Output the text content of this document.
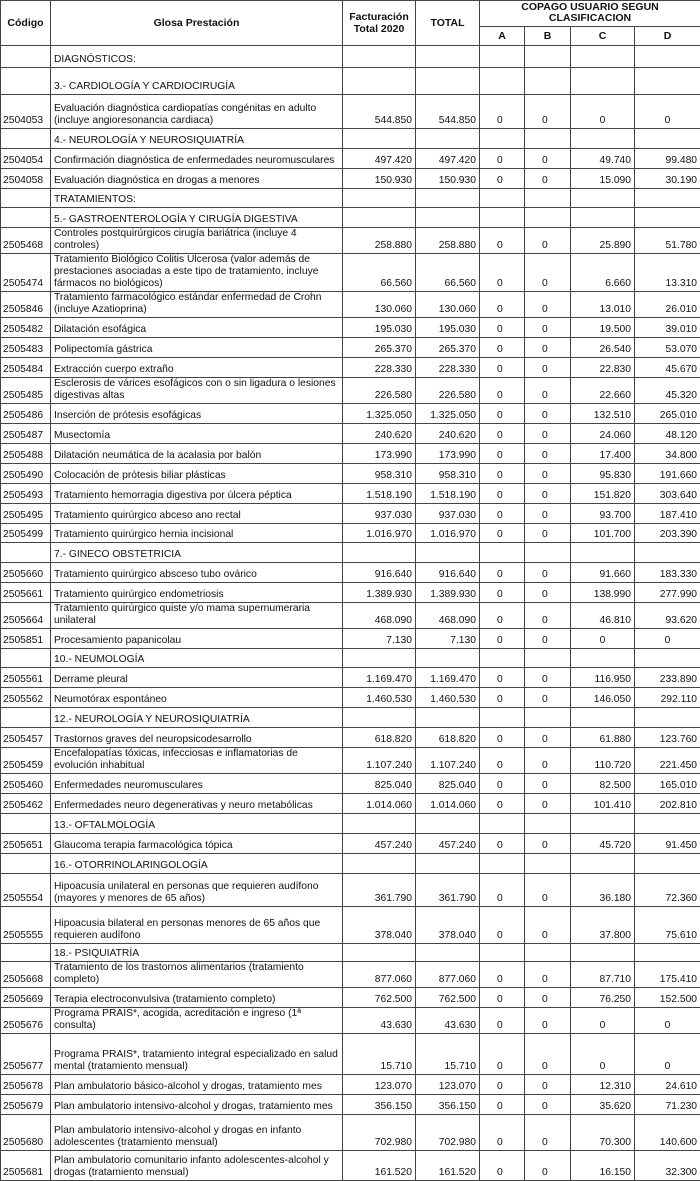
Código	Glosa Prestación	Facturación Total 2020	TOTAL	COPAGO USUARIO SEGUN CLASIFICACION			
				A	B	C	D
	DIAGNÓSTICOS:						
	3.- CARDIOLOGÍA Y CARDIOCIRUGÍA						
2504053	Evaluación diagnóstica cardiopatías congénitas en adulto (incluye angioresonancia cardiaca)	544.850	544.850	0	0	0	0
	4.- NEUROLOGÍA Y NEUROSIQUIATRÍA						
2504054	Confirmación diagnóstica de enfermedades neuromusculares	497.420	497.420	0	0	49.740	99.480
2504058	Evaluación diagnóstica en drogas a menores	150.930	150.930	0	0	15.090	30.190
	TRATAMIENTOS:						
	5.- GASTROENTEROLOGÍA Y CIRUGÍA DIGESTIVA						
2505468	Controles postquirúrgicos cirugía bariátrica (incluye 4 controles)	258.880	258.880	0	0	25.890	51.780
2505474	Tratamiento Biológico Colitis Ulcerosa (valor además de prestaciones asociadas a este tipo de tratamiento, incluye fármacos no biológicos)	66.560	66.560	0	0	6.660	13.310
2505846	Tratamiento farmacológico estándar enfermedad de Crohn (incluye Azatioprina)	130.060	130.060	0	0	13.010	26.010
2505482	Dilatación esofágica	195.030	195.030	0	0	19.500	39.010
2505483	Polipectomía gástrica	265.370	265.370	0	0	26.540	53.070
2505484	Extracción cuerpo extraño	228.330	228.330	0	0	22.830	45.670
2505485	Esclerosis de várices esofágicos con o sin ligadura o lesiones digestivas altas	226.580	226.580	0	0	22.660	45.320
2505486	Inserción de prótesis esofágicas	1.325.050	1.325.050	0	0	132.510	265.010
2505487	Musectomía	240.620	240.620	0	0	24.060	48.120
2505488	Dilatación neumática de la acalasia por balón	173.990	173.990	0	0	17.400	34.800
2505490	Colocación de prótesis biliar plásticas	958.310	958.310	0	0	95.830	191.660
2505493	Tratamiento hemorragia digestiva por úlcera péptica	1.518.190	1.518.190	0	0	151.820	303.640
2505495	Tratamiento quirúrgico abceso ano rectal	937.030	937.030	0	0	93.700	187.410
2505499	Tratamiento quirúrgico hernia incisional	1.016.970	1.016.970	0	0	101.700	203.390
	7.- GINECO OBSTETRICIA						
2505660	Tratamiento quirúrgico absceso tubo ovárico	916.640	916.640	0	0	91.660	183.330
2505661	Tratamiento quirúrgico endometriosis	1.389.930	1.389.930	0	0	138.990	277.990
2505664	Tratamiento quirúrgico quiste y/o mama supernumeraria unilateral	468.090	468.090	0	0	46.810	93.620
2505851	Procesamiento papanicolau	7.130	7.130	0	0	0	0
	10.- NEUMOLOGÍA						
2505561	Derrame pleural	1.169.470	1.169.470	0	0	116.950	233.890
2505562	Neumotórax espontáneo	1.460.530	1.460.530	0	0	146.050	292.110
	12.- NEUROLOGÍA Y NEUROSIQUIATRÍA						
2505457	Trastornos graves del neuropsicodesarrollo	618.820	618.820	0	0	61.880	123.760
2505459	Encefalopatías tóxicas, infecciosas e inflamatorias de evolución inhabitual	1.107.240	1.107.240	0	0	110.720	221.450
2505460	Enfermedades neuromusculares	825.040	825.040	0	0	82.500	165.010
2505462	Enfermedades neuro degenerativas y neuro metabólicas	1.014.060	1.014.060	0	0	101.410	202.810
	13.- OFTALMOLOGÍA						
2505651	Glaucoma terapia farmacológica tópica	457.240	457.240	0	0	45.720	91.450
	16.- OTORRINOLARINGOLOGÍA						
2505554	Hipoacusia unilateral en personas que requieren audífono (mayores y menores de 65 años)	361.790	361.790	0	0	36.180	72.360
2505555	Hipoacusia bilateral en personas menores de 65 años que requieren audífono	378.040	378.040	0	0	37.800	75.610
	18.- PSIQUIATRÍA						
2505668	Tratamiento de los trastornos alimentarios (tratamiento completo)	877.060	877.060	0	0	87.710	175.410
2505669	Terapia electroconvulsiva (tratamiento completo)	762.500	762.500	0	0	76.250	152.500
2505676	Programa PRAIS*, acogida, acreditación e ingreso (1ª consulta)	43.630	43.630	0	0	0	0
2505677	Programa PRAIS*, tratamiento integral especializado en salud mental (tratamiento mensual)	15.710	15.710	0	0	0	0
2505678	Plan ambulatorio básico-alcohol y drogas, tratamiento mes	123.070	123.070	0	0	12.310	24.610
2505679	Plan ambulatorio intensivo-alcohol y drogas, tratamiento mes	356.150	356.150	0	0	35.620	71.230
2505680	Plan ambulatorio intensivo-alcohol y drogas en infanto adolescentes (tratamiento mensual)	702.980	702.980	0	0	70.300	140.600
2505681	Plan ambulatorio comunitario infanto adolescentes-alcohol y drogas (tratamiento mensual)	161.520	161.520	0	0	16.150	32.300
